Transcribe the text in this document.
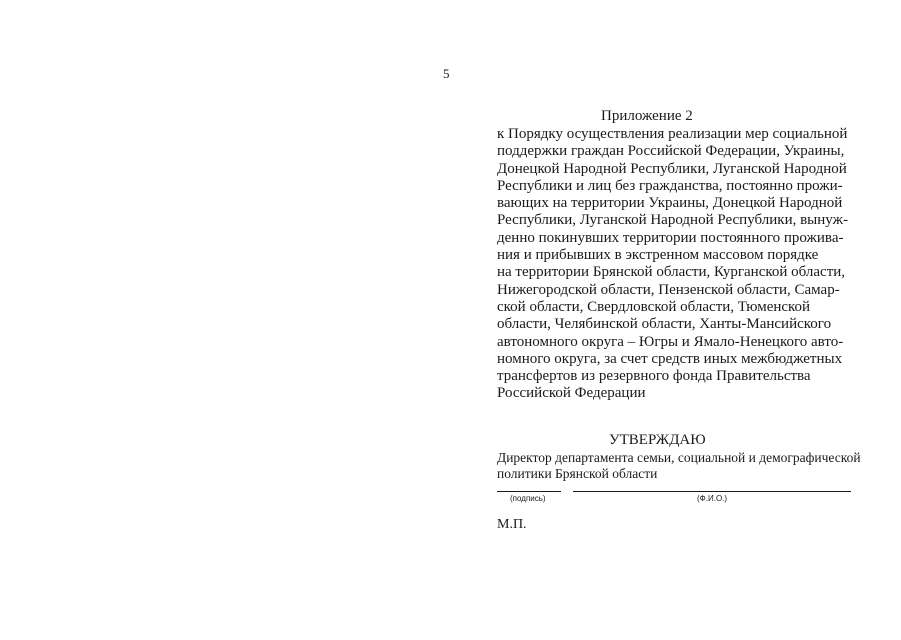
5
Приложение 2
к Порядку осуществления реализации мер социальной
поддержки граждан Российской Федерации, Украины,
Донецкой Народной Республики, Луганской Народной
Республики и лиц без гражданства, постоянно прожи-
вающих на территории Украины, Донецкой Народной
Республики, Луганской Народной Республики, вынуж-
денно покинувших территории постоянного прожива-
ния и прибывших в экстренном массовом порядке
на территории Брянской области, Курганской области,
Нижегородской области, Пензенской области, Самар-
ской области, Свердловской области, Тюменской
области, Челябинской области, Ханты-Мансийского
автономного округа – Югры и Ямало-Ненецкого авто-
номного округа, за счет средств иных межбюджетных
трансфертов из резервного фонда Правительства
Российской Федерации
УТВЕРЖДАЮ
Директор департамента семьи, социальной и демографической
политики Брянской области
(подпись)	(Ф.И.О.)
М.П.
